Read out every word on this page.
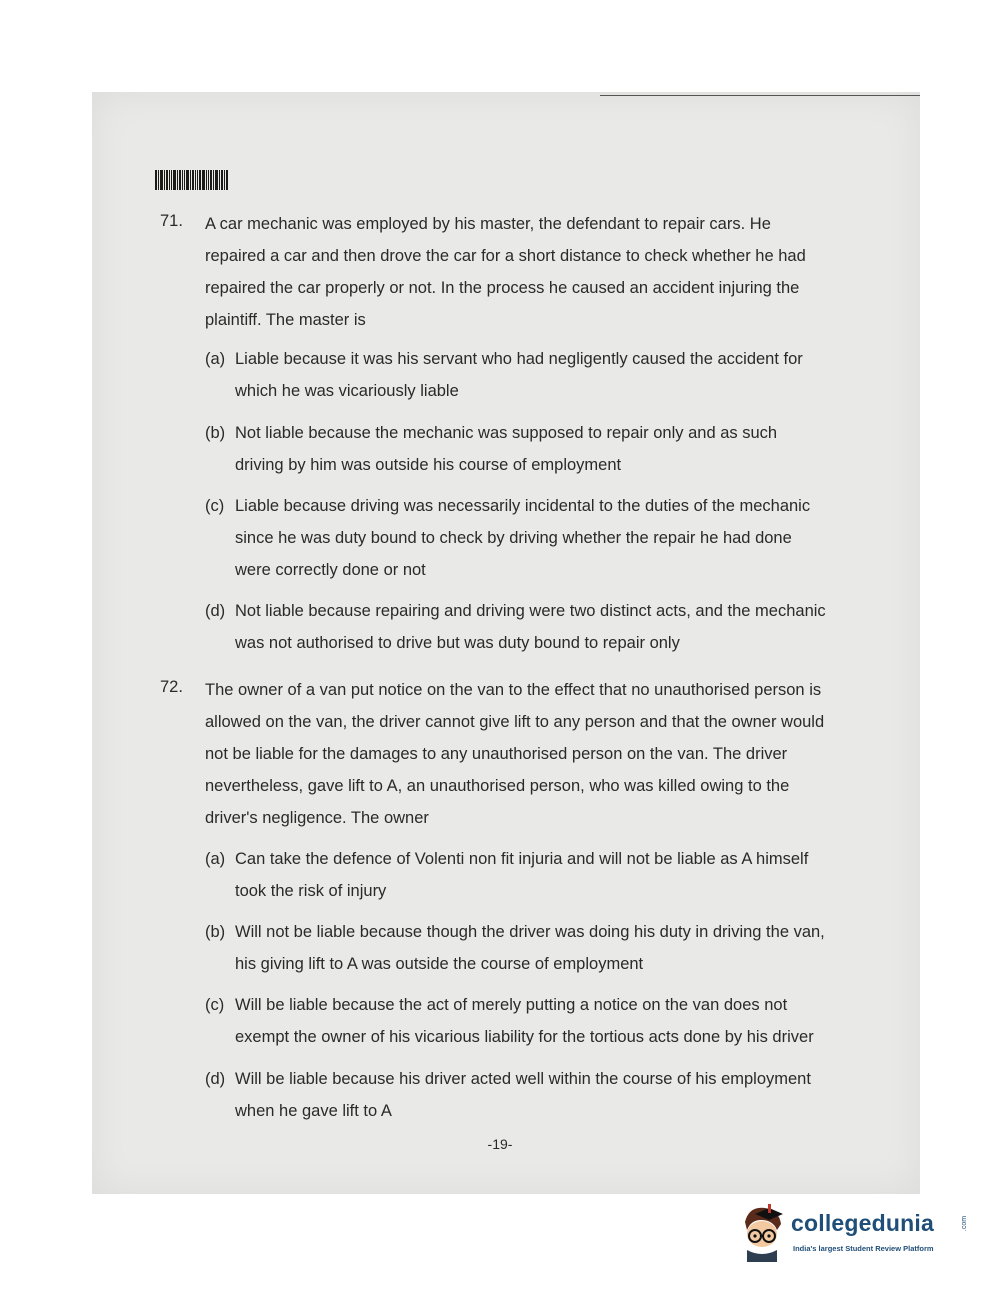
71. A car mechanic was employed by his master, the defendant to repair cars. He repaired a car and then drove the car for a short distance to check whether he had repaired the car properly or not. In the process he caused an accident injuring the plaintiff. The master is

(a) Liable because it was his servant who had negligently caused the accident for which he was vicariously liable
(b) Not liable because the mechanic was supposed to repair only and as such driving by him was outside his course of employment
(c) Liable because driving was necessarily incidental to the duties of the mechanic since he was duty bound to check by driving whether the repair he had done were correctly done or not
(d) Not liable because repairing and driving were two distinct acts, and the mechanic was not authorised to drive but was duty bound to repair only
72. The owner of a van put notice on the van to the effect that no unauthorised person is allowed on the van, the driver cannot give lift to any person and that the owner would not be liable for the damages to any unauthorised person on the van. The driver nevertheless, gave lift to A, an unauthorised person, who was killed owing to the driver's negligence. The owner

(a) Can take the defence of Volenti non fit injuria and will not be liable as A himself took the risk of injury
(b) Will not be liable because though the driver was doing his duty in driving the van, his giving lift to A was outside the course of employment
(c) Will be liable because the act of merely putting a notice on the van does not exempt the owner of his vicarious liability for the tortious acts done by his driver
(d) Will be liable because his driver acted well within the course of his employment when he gave lift to A
-19-
collegedunia	.com
India's largest Student Review Platform
